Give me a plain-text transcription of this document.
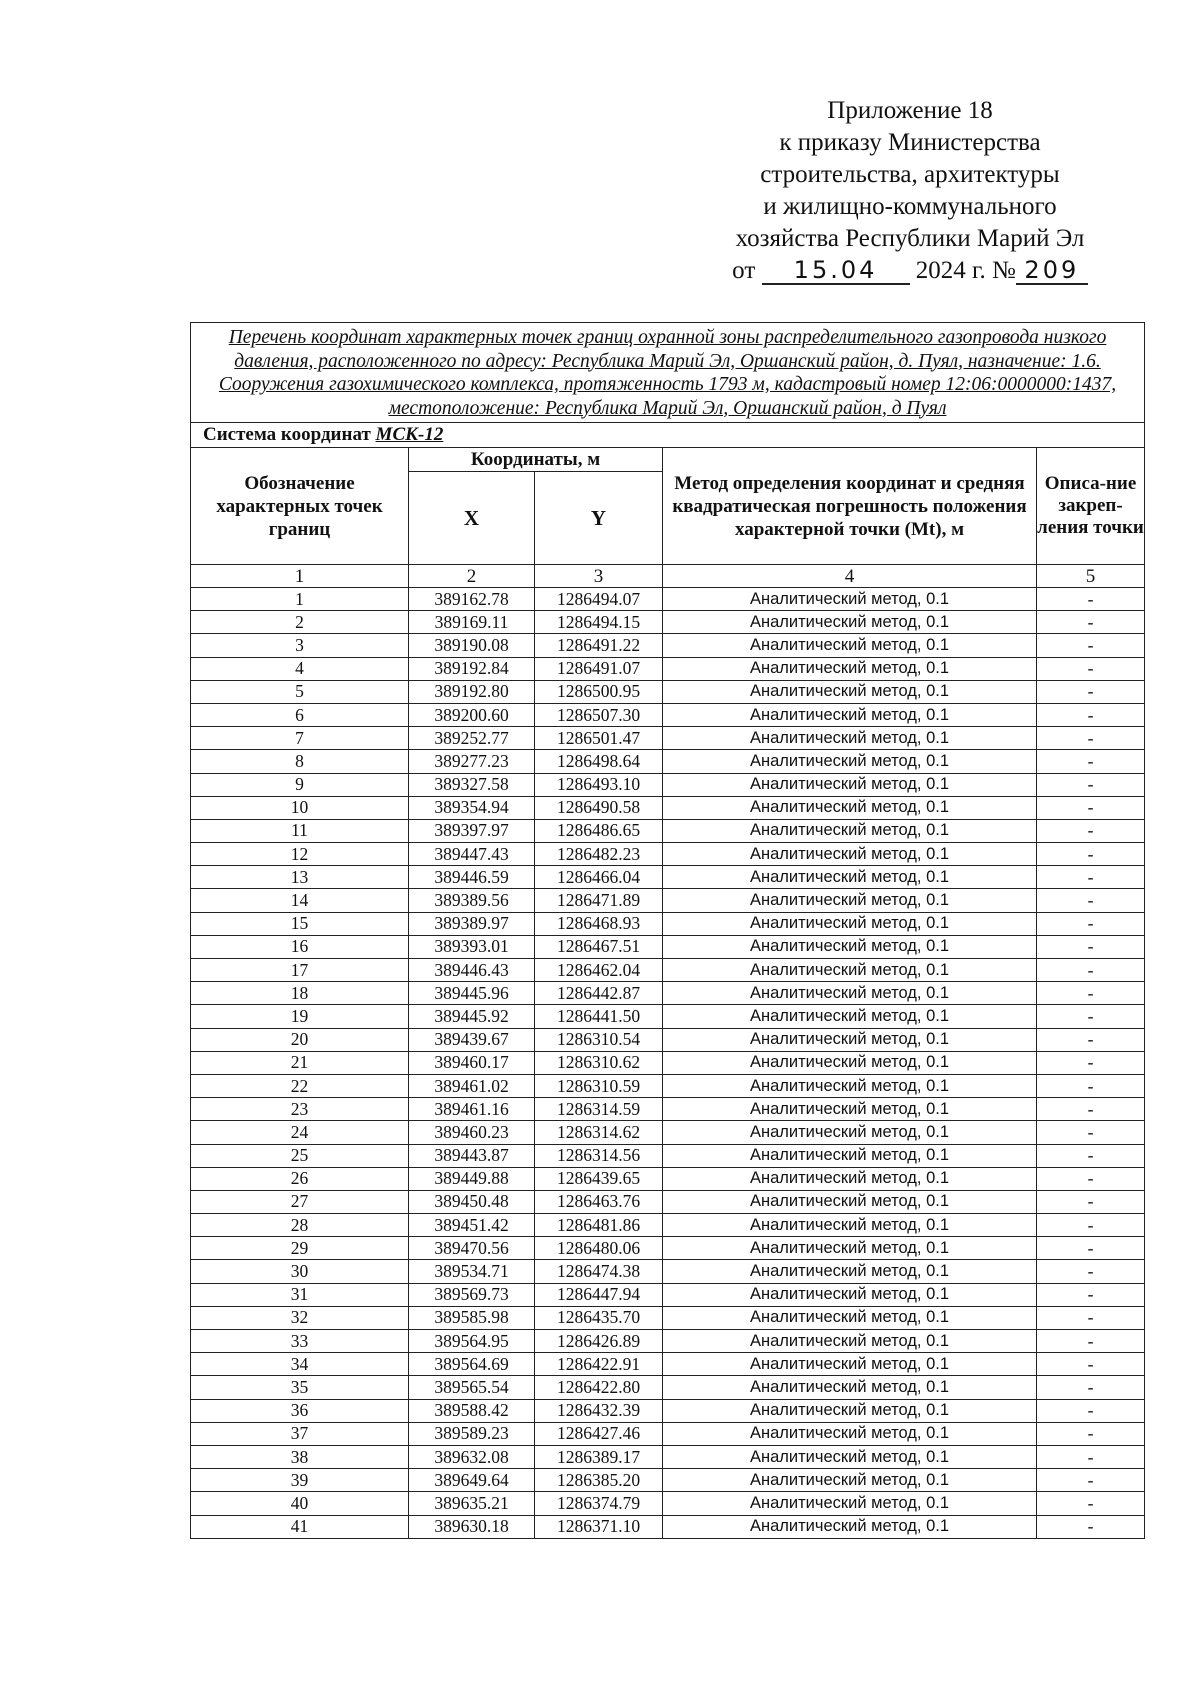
Приложение 18
к приказу Министерства
строительства, архитектуры
и жилищно-коммунального
хозяйства Республики Марий Эл
от 15.04 2024 г. № 209
Перечень координат характерных точек границ охранной зоны распределительного газопровода низкого давления, расположенного по адресу: Республика Марий Эл, Оршанский район, д. Пуял, назначение: 1.6. Сооружения газохимического комплекса, протяженность 1793 м, кадастровый номер 12:06:0000000:1437, местоположение: Республика Марий Эл, Оршанский район, д Пуял				
Система координат МСК-12				
Обозначение характерных точек границ	Координаты, м		Метод определения координат и средняя квадратическая погрешность положения характерной точки (Mt), м	Описа-ние закреп-ления точки
	X	Y		
1	2	3	4	5
1	389162.78	1286494.07	Аналитический метод, 0.1	-
2	389169.11	1286494.15	Аналитический метод, 0.1	-
3	389190.08	1286491.22	Аналитический метод, 0.1	-
4	389192.84	1286491.07	Аналитический метод, 0.1	-
5	389192.80	1286500.95	Аналитический метод, 0.1	-
6	389200.60	1286507.30	Аналитический метод, 0.1	-
7	389252.77	1286501.47	Аналитический метод, 0.1	-
8	389277.23	1286498.64	Аналитический метод, 0.1	-
9	389327.58	1286493.10	Аналитический метод, 0.1	-
10	389354.94	1286490.58	Аналитический метод, 0.1	-
11	389397.97	1286486.65	Аналитический метод, 0.1	-
12	389447.43	1286482.23	Аналитический метод, 0.1	-
13	389446.59	1286466.04	Аналитический метод, 0.1	-
14	389389.56	1286471.89	Аналитический метод, 0.1	-
15	389389.97	1286468.93	Аналитический метод, 0.1	-
16	389393.01	1286467.51	Аналитический метод, 0.1	-
17	389446.43	1286462.04	Аналитический метод, 0.1	-
18	389445.96	1286442.87	Аналитический метод, 0.1	-
19	389445.92	1286441.50	Аналитический метод, 0.1	-
20	389439.67	1286310.54	Аналитический метод, 0.1	-
21	389460.17	1286310.62	Аналитический метод, 0.1	-
22	389461.02	1286310.59	Аналитический метод, 0.1	-
23	389461.16	1286314.59	Аналитический метод, 0.1	-
24	389460.23	1286314.62	Аналитический метод, 0.1	-
25	389443.87	1286314.56	Аналитический метод, 0.1	-
26	389449.88	1286439.65	Аналитический метод, 0.1	-
27	389450.48	1286463.76	Аналитический метод, 0.1	-
28	389451.42	1286481.86	Аналитический метод, 0.1	-
29	389470.56	1286480.06	Аналитический метод, 0.1	-
30	389534.71	1286474.38	Аналитический метод, 0.1	-
31	389569.73	1286447.94	Аналитический метод, 0.1	-
32	389585.98	1286435.70	Аналитический метод, 0.1	-
33	389564.95	1286426.89	Аналитический метод, 0.1	-
34	389564.69	1286422.91	Аналитический метод, 0.1	-
35	389565.54	1286422.80	Аналитический метод, 0.1	-
36	389588.42	1286432.39	Аналитический метод, 0.1	-
37	389589.23	1286427.46	Аналитический метод, 0.1	-
38	389632.08	1286389.17	Аналитический метод, 0.1	-
39	389649.64	1286385.20	Аналитический метод, 0.1	-
40	389635.21	1286374.79	Аналитический метод, 0.1	-
41	389630.18	1286371.10	Аналитический метод, 0.1	-
